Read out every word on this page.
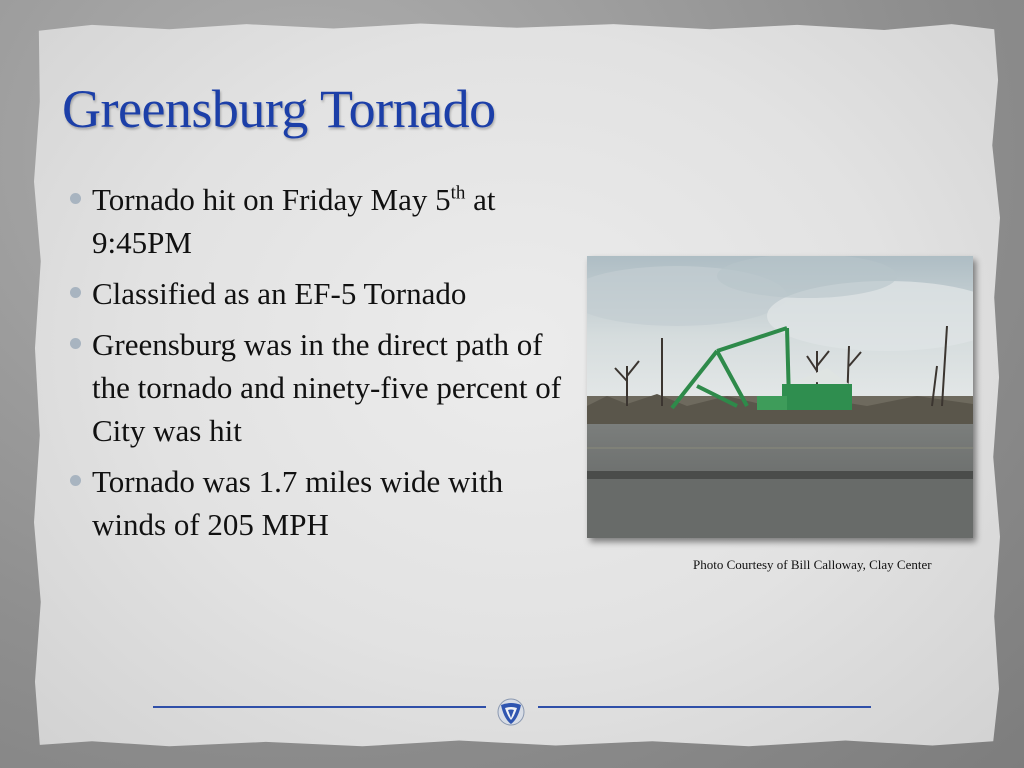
Greensburg Tornado
Tornado hit on Friday May 5th at 9:45PM
Classified as an EF-5 Tornado
Greensburg was in the direct path of the tornado and ninety-five percent of City was hit
Tornado was 1.7 miles wide with winds of 205 MPH
Photo Courtesy of Bill Calloway, Clay Center
